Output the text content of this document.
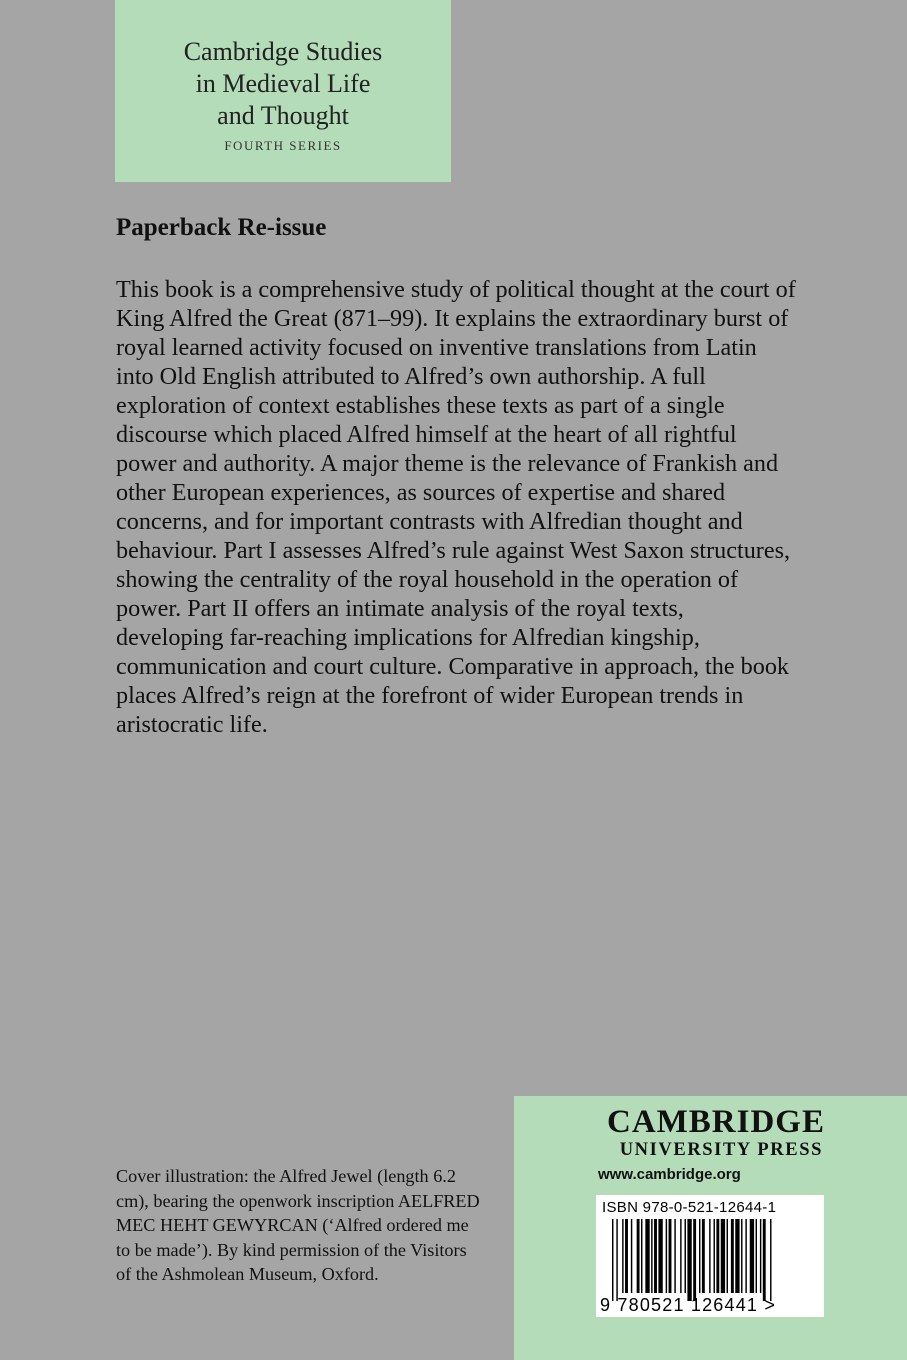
Cambridge Studies
in Medieval Life
and Thought
FOURTH SERIES
Paperback Re-issue

This book is a comprehensive study of political thought at the court of King Alfred the Great (871–99). It explains the extraordinary burst of royal learned activity focused on inventive translations from Latin into Old English attributed to Alfred’s own authorship. A full exploration of context establishes these texts as part of a single discourse which placed Alfred himself at the heart of all rightful power and authority. A major theme is the relevance of Frankish and other European experiences, as sources of expertise and shared concerns, and for important contrasts with Alfredian thought and behaviour. Part I assesses Alfred’s rule against West Saxon structures, showing the centrality of the royal household in the operation of power. Part II offers an intimate analysis of the royal texts, developing far-reaching implications for Alfredian kingship, communication and court culture. Comparative in approach, the book places Alfred’s reign at the forefront of wider European trends in aristocratic life.

Cover illustration: the Alfred Jewel (length 6.2 cm), bearing the openwork inscription AELFRED MEC HEHT GEWYRCAN (‘Alfred ordered me to be made’). By kind permission of the Visitors of the Ashmolean Museum, Oxford.

CAMBRIDGE
UNIVERSITY PRESS
www.cambridge.org
ISBN 978-0-521-12644-1
9 780521 126441 >
